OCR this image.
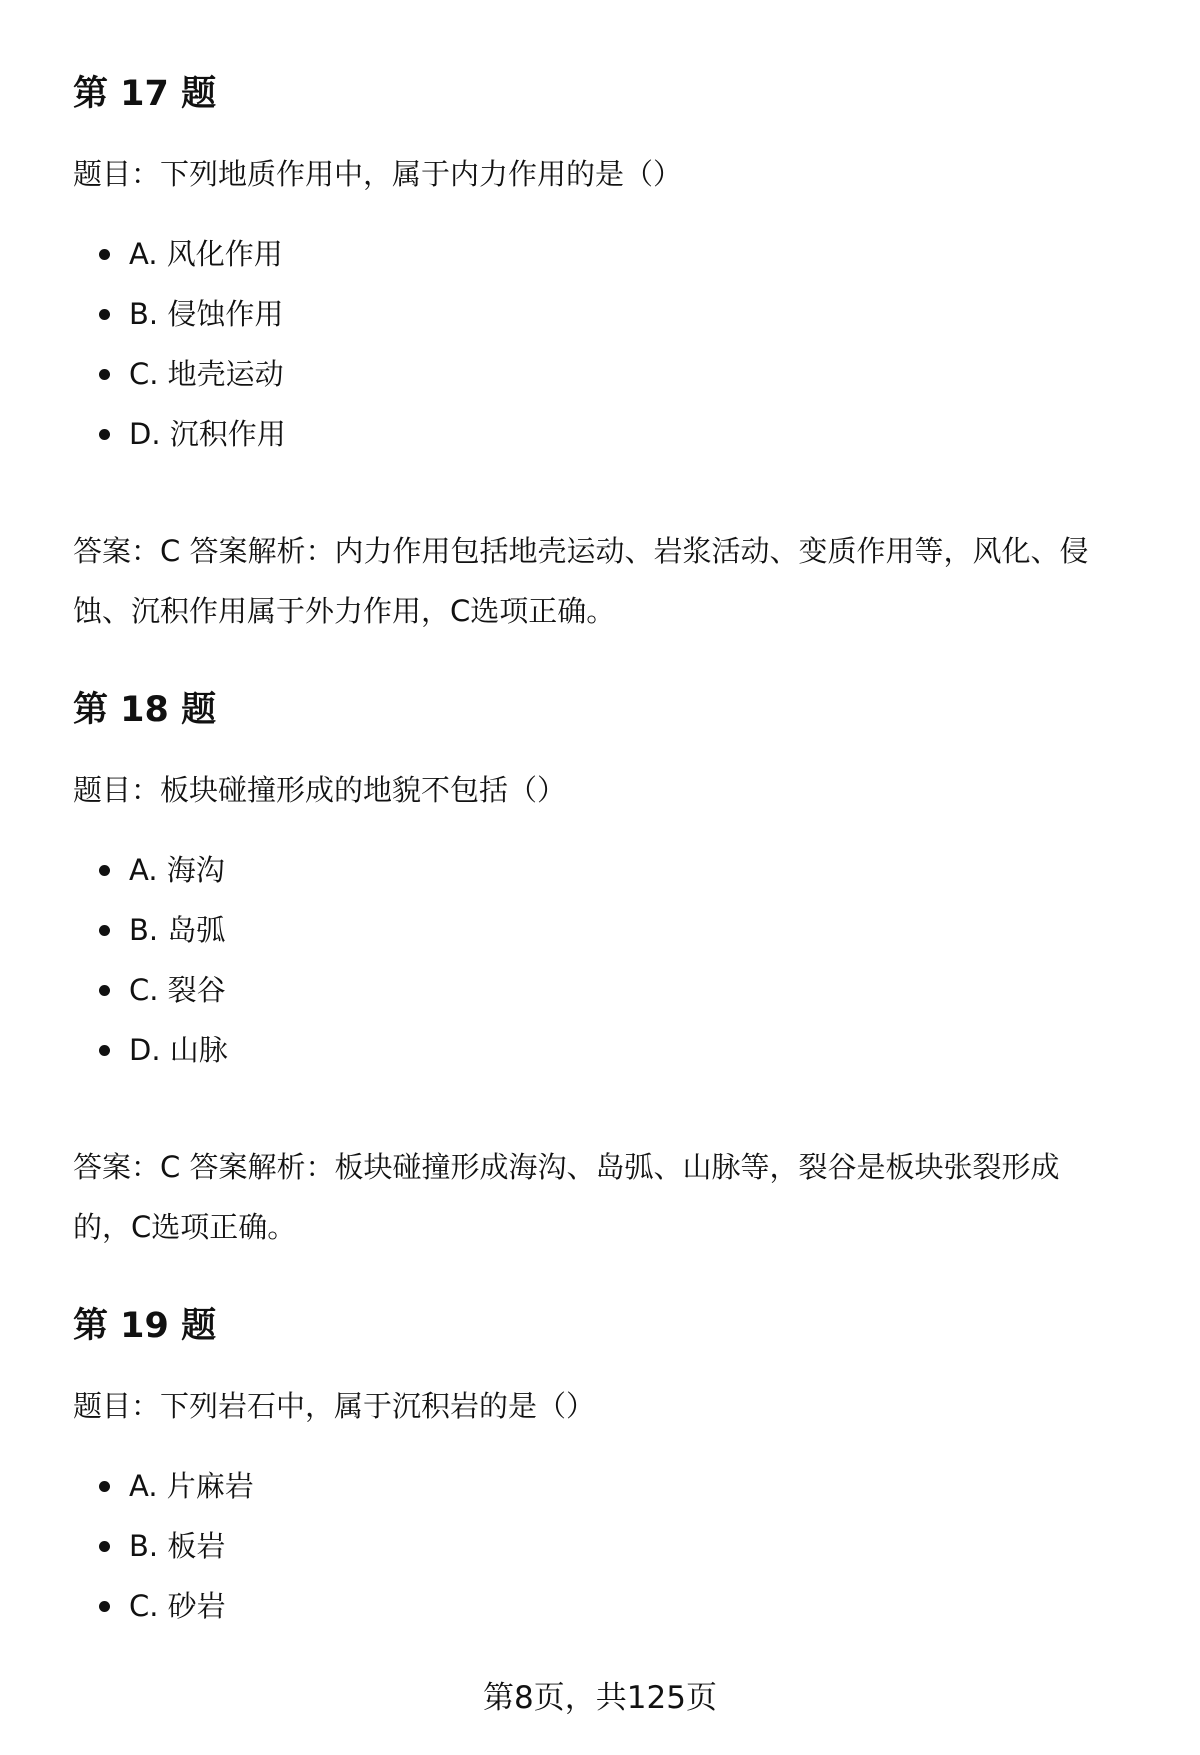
第 17 题

题目：下列地质作用中，属于内力作用的是（）

A. 风化作用
B. 侵蚀作用
C. 地壳运动
D. 沉积作用
答案：C 答案解析：内力作用包括地壳运动、岩浆活动、变质作用等，风化、侵
蚀、沉积作用属于外力作用，C选项正确。
第 18 题

题目：板块碰撞形成的地貌不包括（）

A. 海沟
B. 岛弧
C. 裂谷
D. 山脉
答案：C 答案解析：板块碰撞形成海沟、岛弧、山脉等，裂谷是板块张裂形成
的，C选项正确。
第 19 题

题目：下列岩石中，属于沉积岩的是（）

A. 片麻岩
B. 板岩
C. 砂岩
第8页，共125页
